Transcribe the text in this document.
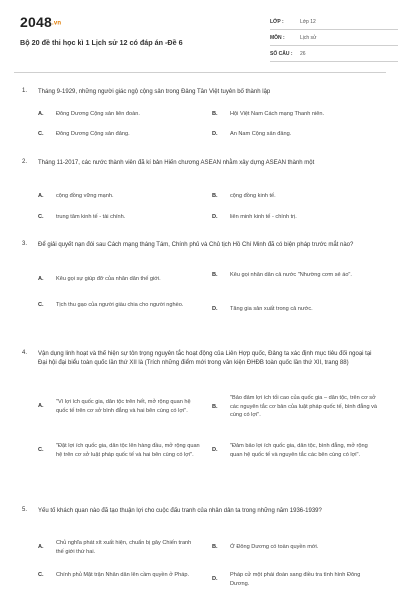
2048.vn
Bộ 20 đề thi học kì 1 Lịch sử 12 có đáp án -Đề 6
LỚP :	Lớp 12
MÔN :	Lịch sử
SỐ CÂU :	26
1. Tháng 9-1929, những người giác ngộ cộng sản trong Đảng Tân Việt tuyên bố thành lập
A.	Đông Dương Cộng sản liên đoàn.	B.	Hội Việt Nam Cách mạng Thanh niên.
C.	Đông Dương Cộng sản đảng.	D.	An Nam Cộng sản đảng.
2. Tháng 11-2017, các nước thành viên đã kí bản Hiến chương ASEAN nhằm xây dựng ASEAN thành một
A.	cộng đồng vững mạnh.	B.	cộng đồng kinh tế.
C.	trung tâm kinh tế - tài chính.	D.	liên minh kinh tế - chính trị.
3. Để giải quyết nạn đói sau Cách mạng tháng Tám, Chính phủ và Chủ tịch Hồ Chí Minh đã có biện pháp trước mắt nào?
A.	Kêu gọi sự giúp đỡ của nhân dân thế giới.
B.	Kêu gọi nhân dân cả nước "Nhường cơm sẻ áo".
C.	Tịch thu gạo của người giàu chia cho người nghèo.
D.	Tăng gia sản xuất trong cả nước.
4. Vận dụng linh hoạt và thế hiện sự tôn trọng nguyên tắc hoạt động của Liên Hợp quốc, Đảng ta xác định mục tiêu đối ngoại tại Đại hội đại biểu toàn quốc lần thứ XII là (Trích những điểm mới trong văn kiện ĐHĐB toàn quốc lần thứ XII, trang 88)
A.
"Vì lợi ích quốc gia, dân tộc trên hết, mở rộng quan hệ quốc tế trên cơ sở bình đẳng và hai bên cùng có lợi".
B.
"Bảo đảm lợi ích tối cao của quốc gia – dân tộc, trên cơ sở các nguyên tắc cơ bản của luật pháp quốc tế, bình đẳng và cùng có lợi".
C.
"Đặt lợi ích quốc gia, dân tộc lên hàng đầu, mở rộng quan hệ trên cơ sở luật pháp quốc tế và hai bên cùng có lợi".
D.
"Đảm bảo lợi ích quốc gia, dân tộc, bình đẳng, mở rộng quan hệ quốc tế và nguyên tắc các bên cùng có lợi".
5. Yếu tố khách quan nào đã tạo thuận lợi cho cuộc đấu tranh của nhân dân ta trong những năm 1936-1939?
A.
Chủ nghĩa phát xít xuất hiện, chuẩn bị gây Chiến tranh thế giới thứ hai.
B.	Ở Đông Dương có toàn quyền mới.
C.	Chính phủ Mặt trận Nhân dân lên cầm quyền ở Pháp.
D.
Pháp cử một phái đoàn sang điều tra tình hình Đông Dương.
